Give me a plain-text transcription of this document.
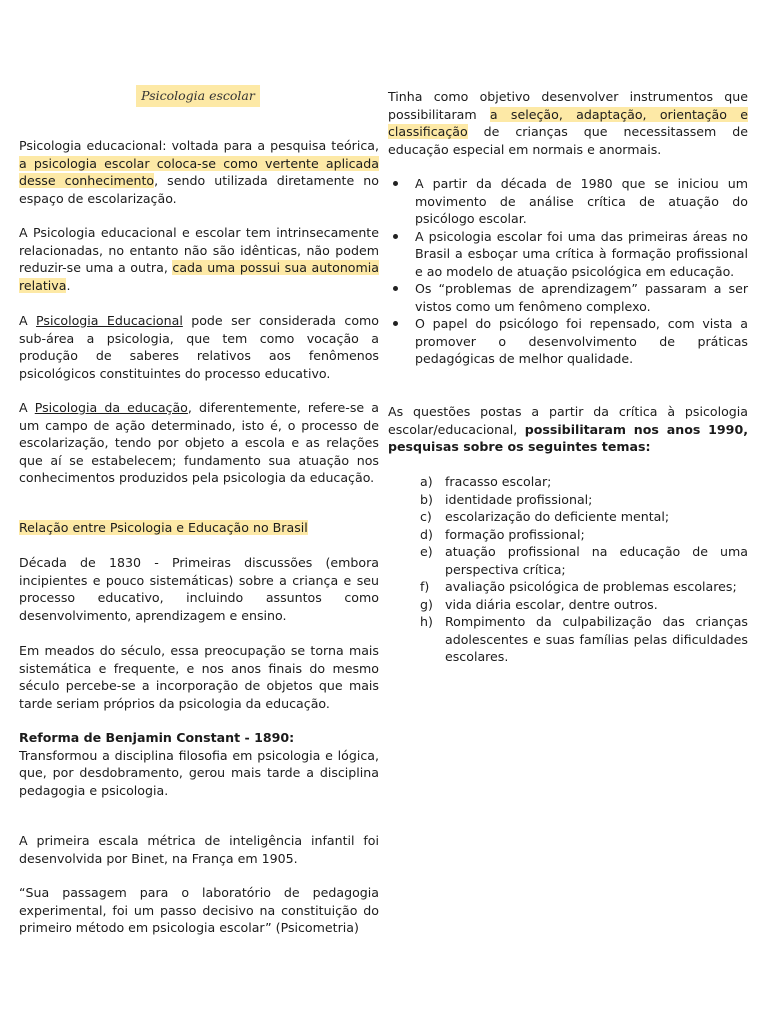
Psicologia escolar

Psicologia educacional: voltada para a pesquisa teórica, a psicologia escolar coloca-se como vertente aplicada desse conhecimento, sendo utilizada diretamente no espaço de escolarização.

A Psicologia educacional e escolar tem intrinsecamente relacionadas, no entanto não são idênticas, não podem reduzir-se uma a outra, cada uma possui sua autonomia relativa.

A Psicologia Educacional pode ser considerada como sub-área a psicologia, que tem como vocação a produção de saberes relativos aos fenômenos psicológicos constituintes do processo educativo.

A Psicologia da educação, diferentemente, refere-se a um campo de ação determinado, isto é, o processo de escolarização, tendo por objeto a escola e as relações que aí se estabelecem; fundamento sua atuação nos conhecimentos produzidos pela psicologia da educação.

Relação entre Psicologia e Educação no Brasil

Década de 1830 - Primeiras discussões (embora incipientes e pouco sistemáticas) sobre a criança e seu processo educativo, incluindo assuntos como desenvolvimento, aprendizagem e ensino.

Em meados do século, essa preocupação se torna mais sistemática e frequente, e nos anos finais do mesmo século percebe-se a incorporação de objetos que mais tarde seriam próprios da psicologia da educação.

Reforma de Benjamin Constant - 1890:

Transformou a disciplina filosofia em psicologia e lógica, que, por desdobramento, gerou mais tarde a disciplina pedagogia e psicologia.

A primeira escala métrica de inteligência infantil foi desenvolvida por Binet, na França em 1905.

“Sua passagem para o laboratório de pedagogia experimental, foi um passo decisivo na constituição do primeiro método em psicologia escolar” (Psicometria)

Tinha como objetivo desenvolver instrumentos que possibilitaram a seleção, adaptação, orientação e classificação de crianças que necessitassem de educação especial em normais e anormais.

A partir da década de 1980 que se iniciou um movimento de análise crítica de atuação do psicólogo escolar.
A psicologia escolar foi uma das primeiras áreas no Brasil a esboçar uma crítica à formação profissional e ao modelo de atuação psicológica em educação.
Os “problemas de aprendizagem” passaram a ser vistos como um fenômeno complexo.
O papel do psicólogo foi repensado, com vista a promover o desenvolvimento de práticas pedagógicas de melhor qualidade.

As questões postas a partir da crítica à psicologia escolar/educacional, possibilitaram nos anos 1990, pesquisas sobre os seguintes temas:

a) fracasso escolar;
b) identidade profissional;
c) escolarização do deficiente mental;
d) formação profissional;
e) atuação profissional na educação de uma perspectiva crítica;
f) avaliação psicológica de problemas escolares;
g) vida diária escolar, dentre outros.
h) Rompimento da culpabilização das crianças adolescentes e suas famílias pelas dificuldades escolares.
